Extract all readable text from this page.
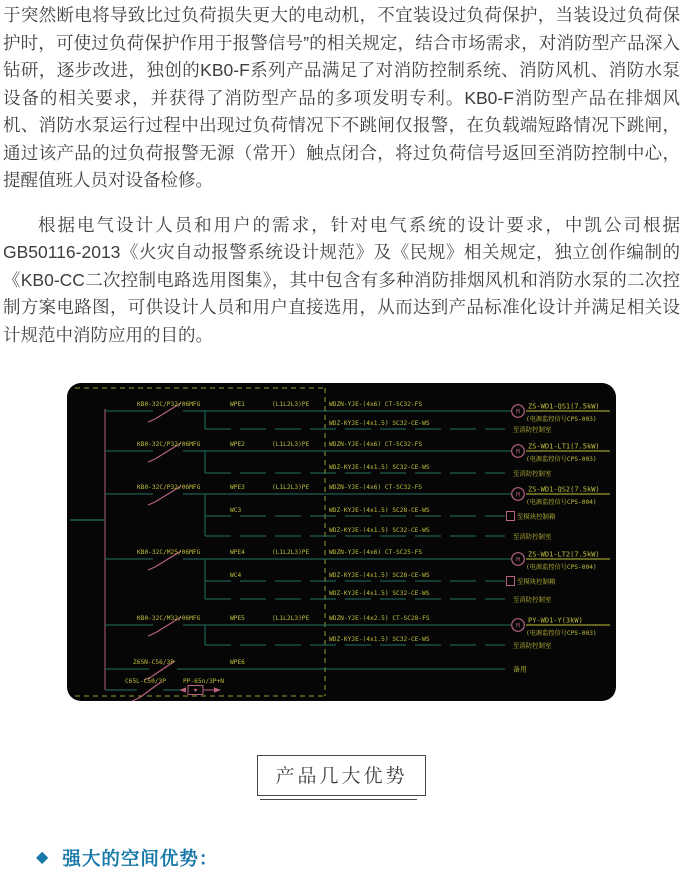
于突然断电将导致比过负荷损失更大的电动机，不宜装设过负荷保护，当装设过负荷保护时，可使过负荷保护作用于报警信号”的相关规定，结合市场需求，对消防型产品深入钻研，逐步改进，独创的KB0-F系列产品满足了对消防控制系统、消防风机、消防水泵设备的相关要求，并获得了消防型产品的多项发明专利。KB0-F消防型产品在排烟风机、消防水泵运行过程中出现过负荷情况下不跳闸仅报警，在负载端短路情况下跳闸，通过该产品的过负荷报警无源（常开）触点闭合，将过负荷信号返回至消防控制中心，提醒值班人员对设备检修。

根据电气设计人员和用户的需求，针对电气系统的设计要求，中凯公司根据GB50116-2013《火灾自动报警系统设计规范》及《民规》相关规定，独立创作编制的《KB0-CC二次控制电路选用图集》，其中包含有多种消防排烟风机和消防水泵的二次控制方案电路图，可供设计人员和用户直接选用，从而达到产品标准化设计并满足相关设计规范中消防应用的目的。

KB0-32C/P32/06MFG	WPE1	(L1L2L3)PE	WDZN-YJE-(4x6) CT-SC32-FS
M
ZS-WD1-QS1(7.5kW)
(电源监控信号CPS-003)
WDZ-KYJE-(4x1.5) SC32-CE-WS
至消防控制室
KB0-32C/P32/06MFG	WPE2	(L1L2L3)PE	WDZN-YJE-(4x6) CT-SC32-FS
M
ZS-WD1-LT1(7.5kW)
(电源监控信号CPS-003)
WDZ-KYJE-(4x1.5) SC32-CE-WS
至消防控制室
KB0-32C/P32/06MFG	WPE3	(L1L2L3)PE	WDZN-YJE-(4x6) CT-SC32-FS
M
ZS-WD1-QS2(7.5kW)
(电源监控信号CPS-004)
WC3	WDZ-KYJE-(4x1.5) SC28-CE-WS
至模块控制箱
WDZ-KYJE-(4x1.5) SC32-CE-WS
至消防控制室
KB0-32C/M25/06MFG	WPE4	(L1L2L3)PE	WDZN-YJE-(4x6) CT-SC25-FS
M
ZS-WD1-LT2(7.5kW)
(电源监控信号CPS-004)
WC4	WDZ-KYJE-(4x1.5) SC28-CE-WS
至模块控制箱
WDZ-KYJE-(4x1.5) SC32-CE-WS
至消防控制室
KB0-32C/M32/06MFG	WPE5	(L1L2L3)PE	WDZN-YJE-(4x2.5) CT-SC28-FS
M
PY-WD1-Y(3kW)
(电源监控信号CPS-003)
WDZ-KYJE-(4x1.5) SC32-CE-WS
至消防控制室
Z65N-C56/3P	WPE6
备用
C65L-C50/3P	PP-65n/3P+N
产品几大优势
◆ 强大的空间优势：
